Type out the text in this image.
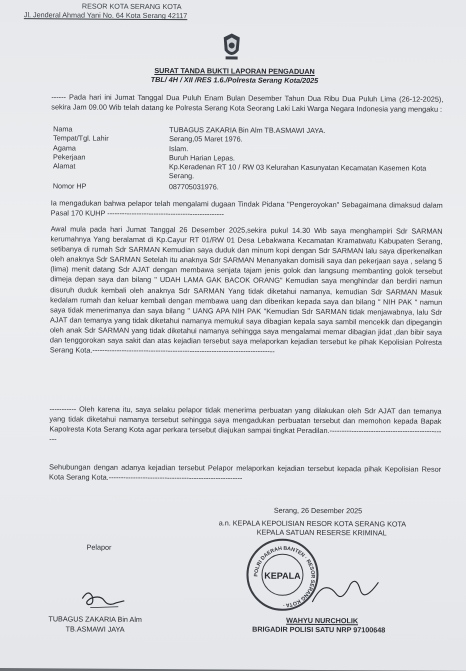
RESOR KOTA SERANG KOTA
Jl. Jenderal Ahmad Yani No. 64 Kota Serang 42117
SURAT TANDA BUKTI LAPORAN PENGADUAN
TBL/ 4H / XII /RES 1.6./Polresta Serang Kota/2025
------ Pada hari ini Jumat Tanggal Dua Puluh Enam Bulan Desember Tahun Dua Ribu Dua Puluh Lima (26-12-2025), sekira Jam 09.00 Wib telah datang ke Polresta Serang Kota Seorang Laki Laki Warga Negara Indonesia yang mengaku :
Nama	TUBAGUS ZAKARIA Bin Alm TB.ASMAWI JAYA.
Tempat/Tgl. Lahir	Serang,05 Maret 1976.
Agama	Islam.
Pekerjaan	Buruh Harian Lepas.
Alamat	Kp.Keradenan RT 10 / RW 03 Kelurahan Kasunyatan Kecamatan Kasemen Kota Serang.
Nomor HP	087705031976.
Ia mengadukan bahwa pelapor telah mengalami dugaan Tindak Pidana "Pengeroyokan" Sebagaimana dimaksud dalam Pasal 170 KUHP ------------------------------------------------
Awal mula pada hari Jumat Tanggal 26 Desember 2025,sekira pukul 14.30 Wib saya menghampiri Sdr SARMAN kerumahnya Yang beralamat di Kp.Cayur RT 01/RW 01 Desa Lebakwana Kecamatan Kramatwatu Kabupaten Serang, setibanya di rumah Sdr SARMAN Kemudian saya duduk dan minum kopi dengan Sdr SARMAN lalu saya diperkenalkan oleh anaknya Sdr SARMAN Setelah itu anaknya Sdr SARMAN Menanyakan domisili saya dan pekerjaan saya , selang 5 (lima) menit datang Sdr AJAT dengan membawa senjata tajam jenis golok dan langsung membanting golok tersebut dimeja depan saya dan bilang " UDAH LAMA GAK BACOK ORANG" Kemudian saya menghindar dan berdiri namun disuruh duduk kembali oleh anaknya Sdr SARMAN Yang tidak diketahui namanya, kemudian Sdr SARMAN Masuk kedalam rumah dan keluar kembali dengan membawa uang dan diberikan kepada saya dan bilang " NIH PAK " namun saya tidak menerimanya dan saya bilang " UANG APA NIH PAK "Kemudian Sdr SARMAN tidak menjawabnya, lalu Sdr AJAT dan temanya yang tidak diketahui namanya memukul saya dibagian kepala saya sambil mencekik dan dipegangin oleh anak Sdr SARMAN yang tidak diketahui namanya sehingga saya mengalamai memar dibagian jidat ,dan bibir saya dan tenggorokan saya sakit dan atas kejadian tersebut saya melaporkan kejadian tersebut ke pihak Kepolisian Polresta Serang Kota.---------------------------------------------------------------------------
----------- Oleh karena itu, saya selaku pelapor tidak menerima perbuatan yang dilakukan oleh Sdr AJAT dan temanya yang tidak diketahui namanya tersebut sehingga saya mengadukan perbuatan tersebut dan memohon kepada Bapak Kapolresta Kota Serang Kota agar perkara tersebut diajukan sampai tingkat Peradilan.-------------------------------------------------
Sehubungan dengan adanya kejadian tersebut Pelapor melaporkan kejadian tersebut kepada pihak Kepolisian Resor Kota Serang Kota.-------------------------------------------------------
Serang, 26 Desember 2025
a.n. KEPALA KEPOLISIAN RESOR KOTA SERANG KOTA
KEPALA SATUAN RESERSE KRIMINAL
Pelapor
TUBAGUS ZAKARIA Bin Alm
TB.ASMAWI JAYA
POLRI DAERAH BANTEN · RESOR SERANG KOTA ·
KEPALA
WAHYU NURCHOLIK
BRIGADIR POLISI SATU NRP 97100648
